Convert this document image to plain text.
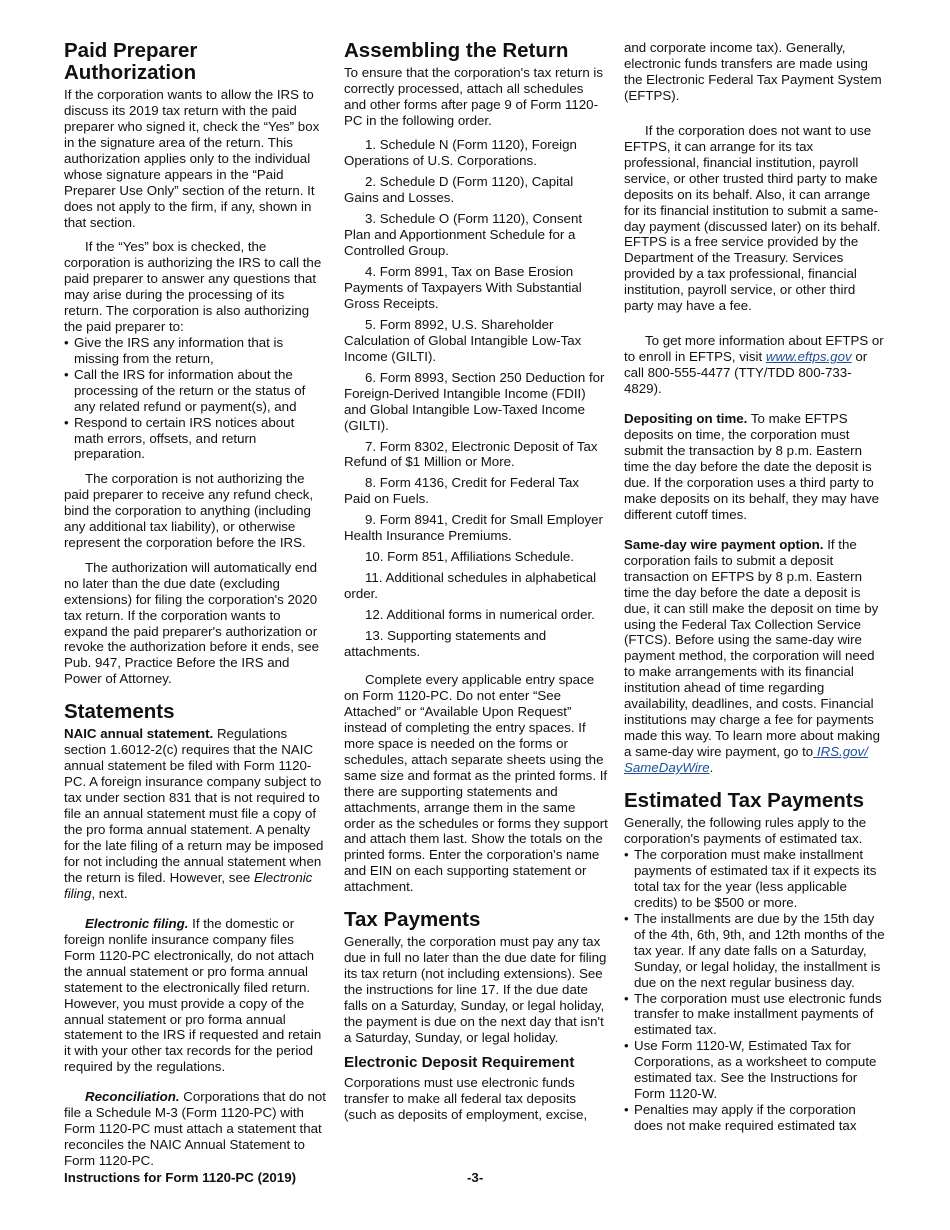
Paid Preparer Authorization

If the corporation wants to allow the IRS to discuss its 2019 tax return with the paid preparer who signed it, check the “Yes” box in the signature area of the return. This authorization applies only to the individual whose signature appears in the “Paid Preparer Use Only” section of the return. It does not apply to the firm, if any, shown in that section.

If the “Yes” box is checked, the corporation is authorizing the IRS to call the paid preparer to answer any questions that may arise during the processing of its return. The corporation is also authorizing the paid preparer to:

• Give the IRS any information that is missing from the return,

• Call the IRS for information about the processing of the return or the status of any related refund or payment(s), and

• Respond to certain IRS notices about math errors, offsets, and return preparation.

The corporation is not authorizing the paid preparer to receive any refund check, bind the corporation to anything (including any additional tax liability), or otherwise represent the corporation before the IRS.

The authorization will automatically end no later than the due date (excluding extensions) for filing the corporation's 2020 tax return. If the corporation wants to expand the paid preparer's authorization or revoke the authorization before it ends, see Pub. 947, Practice Before the IRS and Power of Attorney.

Statements

NAIC annual statement. Regulations section 1.6012-2(c) requires that the NAIC annual statement be filed with Form 1120-PC. A foreign insurance company subject to tax under section 831 that is not required to file an annual statement must file a copy of the pro forma annual statement. A penalty for the late filing of a return may be imposed for not including the annual statement when the return is filed. However, see Electronic filing, next.

Electronic filing. If the domestic or foreign nonlife insurance company files Form 1120-PC electronically, do not attach the annual statement or pro forma annual statement to the electronically filed return. However, you must provide a copy of the annual statement or pro forma annual statement to the IRS if requested and retain it with your other tax records for the period required by the regulations.

Reconciliation. Corporations that do not file a Schedule M-3 (Form 1120-PC) with Form 1120-PC must attach a statement that reconciles the NAIC Annual Statement to Form 1120-PC.

Assembling the Return

To ensure that the corporation's tax return is correctly processed, attach all schedules and other forms after page 9 of Form 1120-PC in the following order.

1. Schedule N (Form 1120), Foreign Operations of U.S. Corporations.

2. Schedule D (Form 1120), Capital Gains and Losses.

3. Schedule O (Form 1120), Consent Plan and Apportionment Schedule for a Controlled Group.

4. Form 8991, Tax on Base Erosion Payments of Taxpayers With Substantial Gross Receipts.

5. Form 8992, U.S. Shareholder Calculation of Global Intangible Low-Tax Income (GILTI).

6. Form 8993, Section 250 Deduction for Foreign-Derived Intangible Income (FDII) and Global Intangible Low-Taxed Income (GILTI).

7. Form 8302, Electronic Deposit of Tax Refund of $1 Million or More.

8. Form 4136, Credit for Federal Tax Paid on Fuels.

9. Form 8941, Credit for Small Employer Health Insurance Premiums.

10. Form 851, Affiliations Schedule.

11. Additional schedules in alphabetical order.

12. Additional forms in numerical order.

13. Supporting statements and attachments.

Complete every applicable entry space on Form 1120-PC. Do not enter “See Attached” or “Available Upon Request” instead of completing the entry spaces. If more space is needed on the forms or schedules, attach separate sheets using the same size and format as the printed forms. If there are supporting statements and attachments, arrange them in the same order as the schedules or forms they support and attach them last. Show the totals on the printed forms. Enter the corporation's name and EIN on each supporting statement or attachment.

Tax Payments

Generally, the corporation must pay any tax due in full no later than the due date for filing its tax return (not including extensions). See the instructions for line 17. If the due date falls on a Saturday, Sunday, or legal holiday, the payment is due on the next day that isn't a Saturday, Sunday, or legal holiday.

Electronic Deposit Requirement

Corporations must use electronic funds transfer to make all federal tax deposits (such as deposits of employment, excise,

and corporate income tax). Generally, electronic funds transfers are made using the Electronic Federal Tax Payment System (EFTPS).

If the corporation does not want to use EFTPS, it can arrange for its tax professional, financial institution, payroll service, or other trusted third party to make deposits on its behalf. Also, it can arrange for its financial institution to submit a same-day payment (discussed later) on its behalf. EFTPS is a free service provided by the Department of the Treasury. Services provided by a tax professional, financial institution, payroll service, or other third party may have a fee.

To get more information about EFTPS or to enroll in EFTPS, visit www.eftps.gov or call 800-555-4477 (TTY/TDD 800-733-4829).

Depositing on time. To make EFTPS deposits on time, the corporation must submit the transaction by 8 p.m. Eastern time the day before the date the deposit is due. If the corporation uses a third party to make deposits on its behalf, they may have different cutoff times.

Same-day wire payment option. If the corporation fails to submit a deposit transaction on EFTPS by 8 p.m. Eastern time the day before the date a deposit is due, it can still make the deposit on time by using the Federal Tax Collection Service (FTCS). Before using the same-day wire payment method, the corporation will need to make arrangements with its financial institution ahead of time regarding availability, deadlines, and costs. Financial institutions may charge a fee for payments made this way. To learn more about making a same-day wire payment, go to IRS.gov/ SameDayWire.

Estimated Tax Payments

Generally, the following rules apply to the corporation's payments of estimated tax.

• The corporation must make installment payments of estimated tax if it expects its total tax for the year (less applicable credits) to be $500 or more.

• The installments are due by the 15th day of the 4th, 6th, 9th, and 12th months of the tax year. If any date falls on a Saturday, Sunday, or legal holiday, the installment is due on the next regular business day.

• The corporation must use electronic funds transfer to make installment payments of estimated tax.

• Use Form 1120-W, Estimated Tax for Corporations, as a worksheet to compute estimated tax. See the Instructions for Form 1120-W.

• Penalties may apply if the corporation does not make required estimated tax

Instructions for Form 1120-PC (2019)	-3-
